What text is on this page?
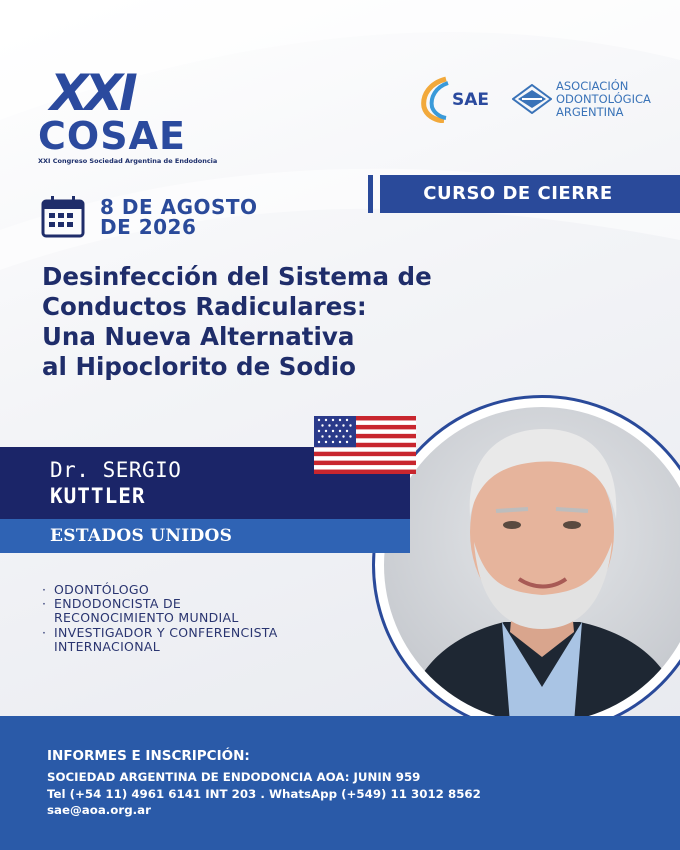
XXI
COSAE
XXI Congreso Sociedad Argentina de Endodoncia
SAE
ASOCIACIÓN
ODONTOLÓGICA
ARGENTINA
CURSO DE CIERRE
8 DE AGOSTO
DE 2026
Desinfección del Sistema de
Conductos Radiculares:
Una Nueva Alternativa
al Hipoclorito de Sodio
Dr. SERGIO
KUTTLER
ESTADOS UNIDOS
· ODONTÓLOGO
· ENDODONCISTA DE
RECONOCIMIENTO MUNDIAL
· INVESTIGADOR Y CONFERENCISTA
INTERNACIONAL
INFORMES E INSCRIPCIÓN:
SOCIEDAD ARGENTINA DE ENDODONCIA AOA: JUNIN 959
Tel (+54 11) 4961 6141 INT 203 . WhatsApp (+549) 11 3012 8562
sae@aoa.org.ar
